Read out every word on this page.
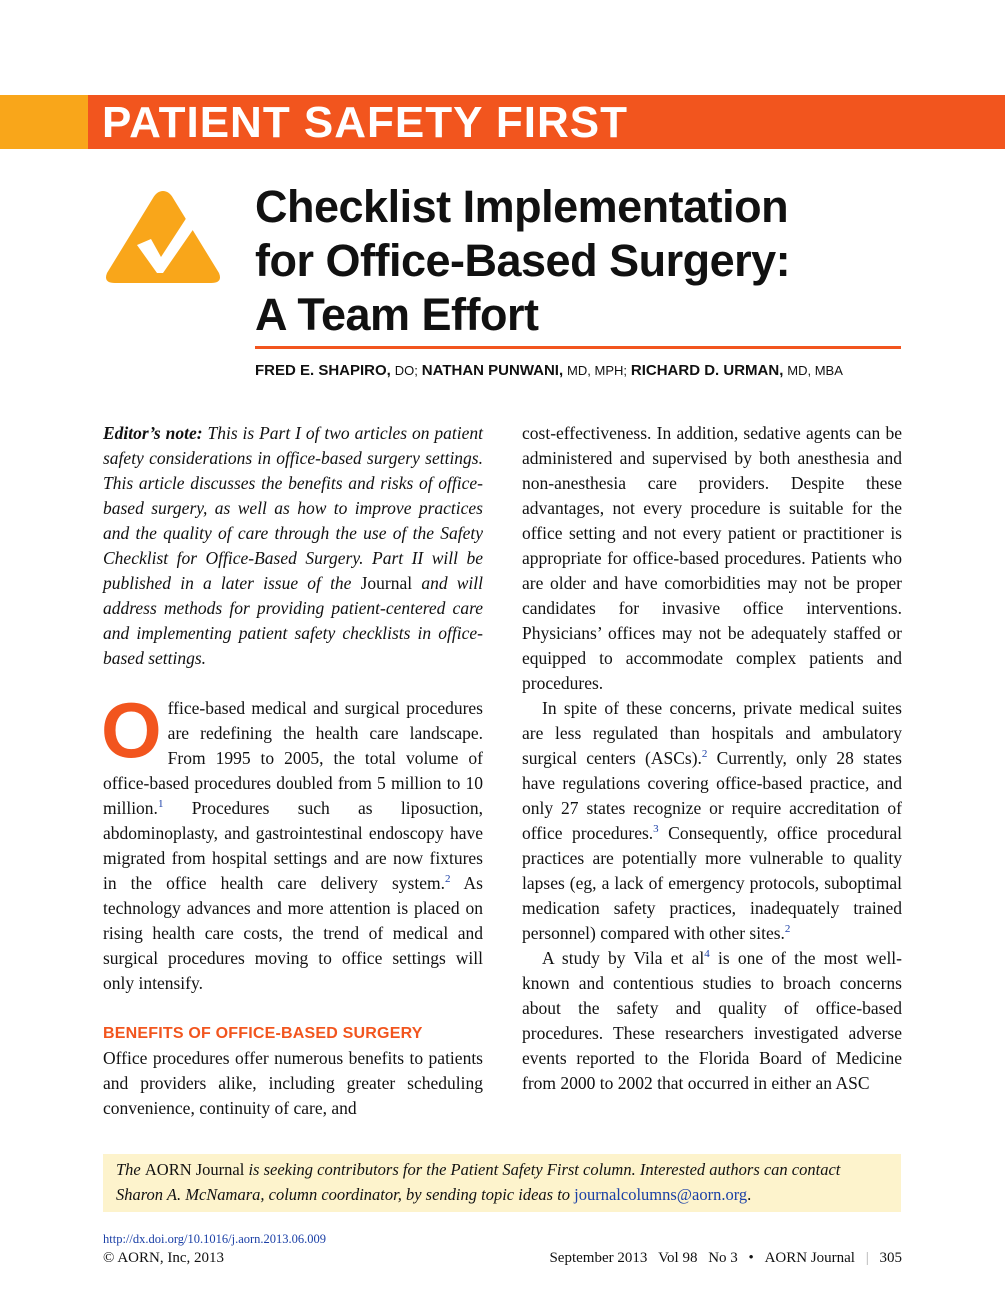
PATIENT SAFETY FIRST
Checklist Implementation
for Office-Based Surgery:
A Team Effort
FRED E. SHAPIRO, DO; NATHAN PUNWANI, MD, MPH; RICHARD D. URMAN, MD, MBA

Editor’s note: This is Part I of two articles on patient safety considerations in office-based surgery settings. This article discusses the benefits and risks of office-based surgery, as well as how to improve practices and the quality of care through the use of the Safety Checklist for Office-Based Surgery. Part II will be published in a later issue of the Journal and will address methods for providing patient-centered care and implementing patient safety checklists in office-based settings.

Office-based medical and surgical procedures are redefining the health care landscape. From 1995 to 2005, the total volume of office-based procedures doubled from 5 million to 10 million.$^1$ Procedures such as liposuction, abdominoplasty, and gastrointestinal endoscopy have migrated from hospital settings and are now fixtures in the office health care delivery system.$^2$ As technology advances and more attention is placed on rising health care costs, the trend of medical and surgical procedures moving to office settings will only intensify.

BENEFITS OF OFFICE-BASED SURGERY

Office procedures offer numerous benefits to patients and providers alike, including greater scheduling convenience, continuity of care, and

cost-effectiveness. In addition, sedative agents can be administered and supervised by both anesthesia and non-anesthesia care providers. Despite these advantages, not every procedure is suitable for the office setting and not every patient or practitioner is appropriate for office-based procedures. Patients who are older and have comorbidities may not be proper candidates for invasive office interventions. Physicians’ offices may not be adequately staffed or equipped to accommodate complex patients and procedures.

In spite of these concerns, private medical suites are less regulated than hospitals and ambulatory surgical centers (ASCs).$^2$ Currently, only 28 states have regulations covering office-based practice, and only 27 states recognize or require accreditation of office procedures.$^3$ Consequently, office procedural practices are potentially more vulnerable to quality lapses (eg, a lack of emergency protocols, suboptimal medication safety practices, inadequately trained personnel) compared with other sites.$^2$

A study by Vila et $al^4$ is one of the most well-known and contentious studies to broach concerns about the safety and quality of office-based procedures. These researchers investigated adverse events reported to the Florida Board of Medicine from 2000 to 2002 that occurred in either an ASC

The AORN Journal is seeking contributors for the Patient Safety First column. Interested authors can contact Sharon A. McNamara, column coordinator, by sending topic ideas to journalcolumns@aorn.org.
http://dx.doi.org/10.1016/j.aorn.2013.06.009
© AORN, Inc, 2013	September 2013 Vol 98 No 3 • AORN Journal | 305
